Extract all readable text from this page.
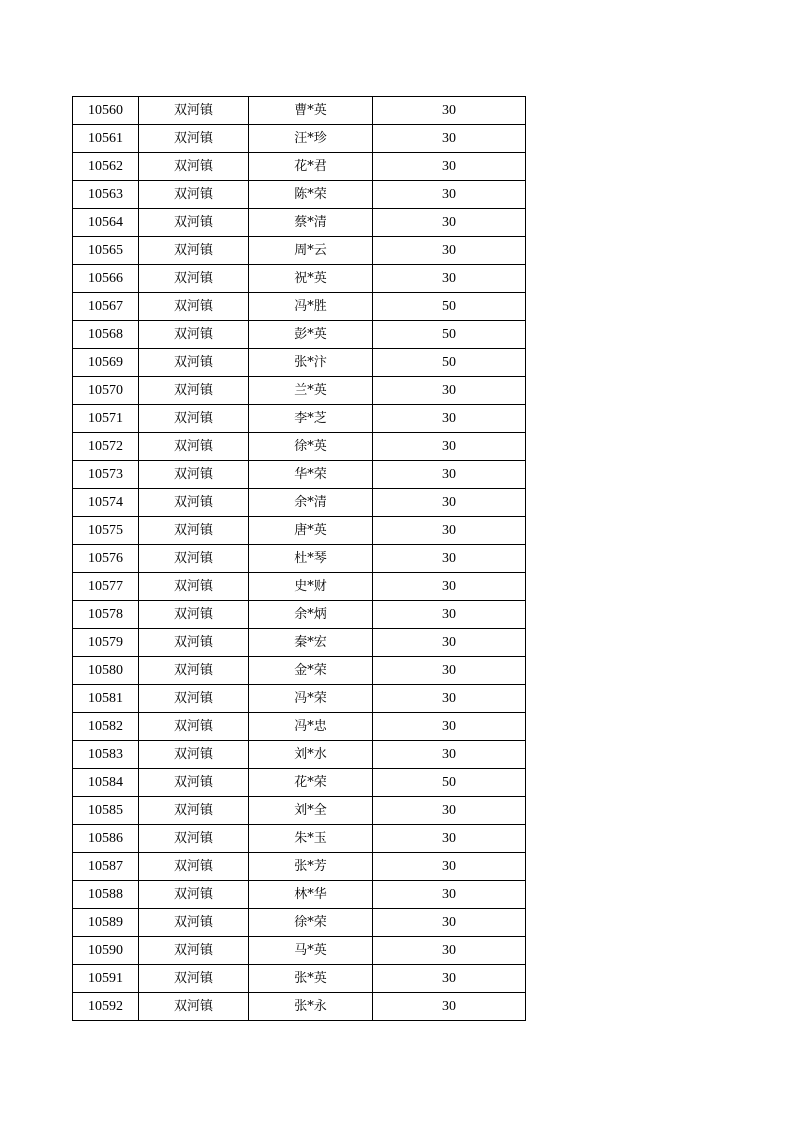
10560	双河镇	曹*英	30
10561	双河镇	汪*珍	30
10562	双河镇	花*君	30
10563	双河镇	陈*荣	30
10564	双河镇	蔡*清	30
10565	双河镇	周*云	30
10566	双河镇	祝*英	30
10567	双河镇	冯*胜	50
10568	双河镇	彭*英	50
10569	双河镇	张*汴	50
10570	双河镇	兰*英	30
10571	双河镇	李*芝	30
10572	双河镇	徐*英	30
10573	双河镇	华*荣	30
10574	双河镇	余*清	30
10575	双河镇	唐*英	30
10576	双河镇	杜*琴	30
10577	双河镇	史*财	30
10578	双河镇	余*炳	30
10579	双河镇	秦*宏	30
10580	双河镇	金*荣	30
10581	双河镇	冯*荣	30
10582	双河镇	冯*忠	30
10583	双河镇	刘*水	30
10584	双河镇	花*荣	50
10585	双河镇	刘*全	30
10586	双河镇	朱*玉	30
10587	双河镇	张*芳	30
10588	双河镇	林*华	30
10589	双河镇	徐*荣	30
10590	双河镇	马*英	30
10591	双河镇	张*英	30
10592	双河镇	张*永	30
